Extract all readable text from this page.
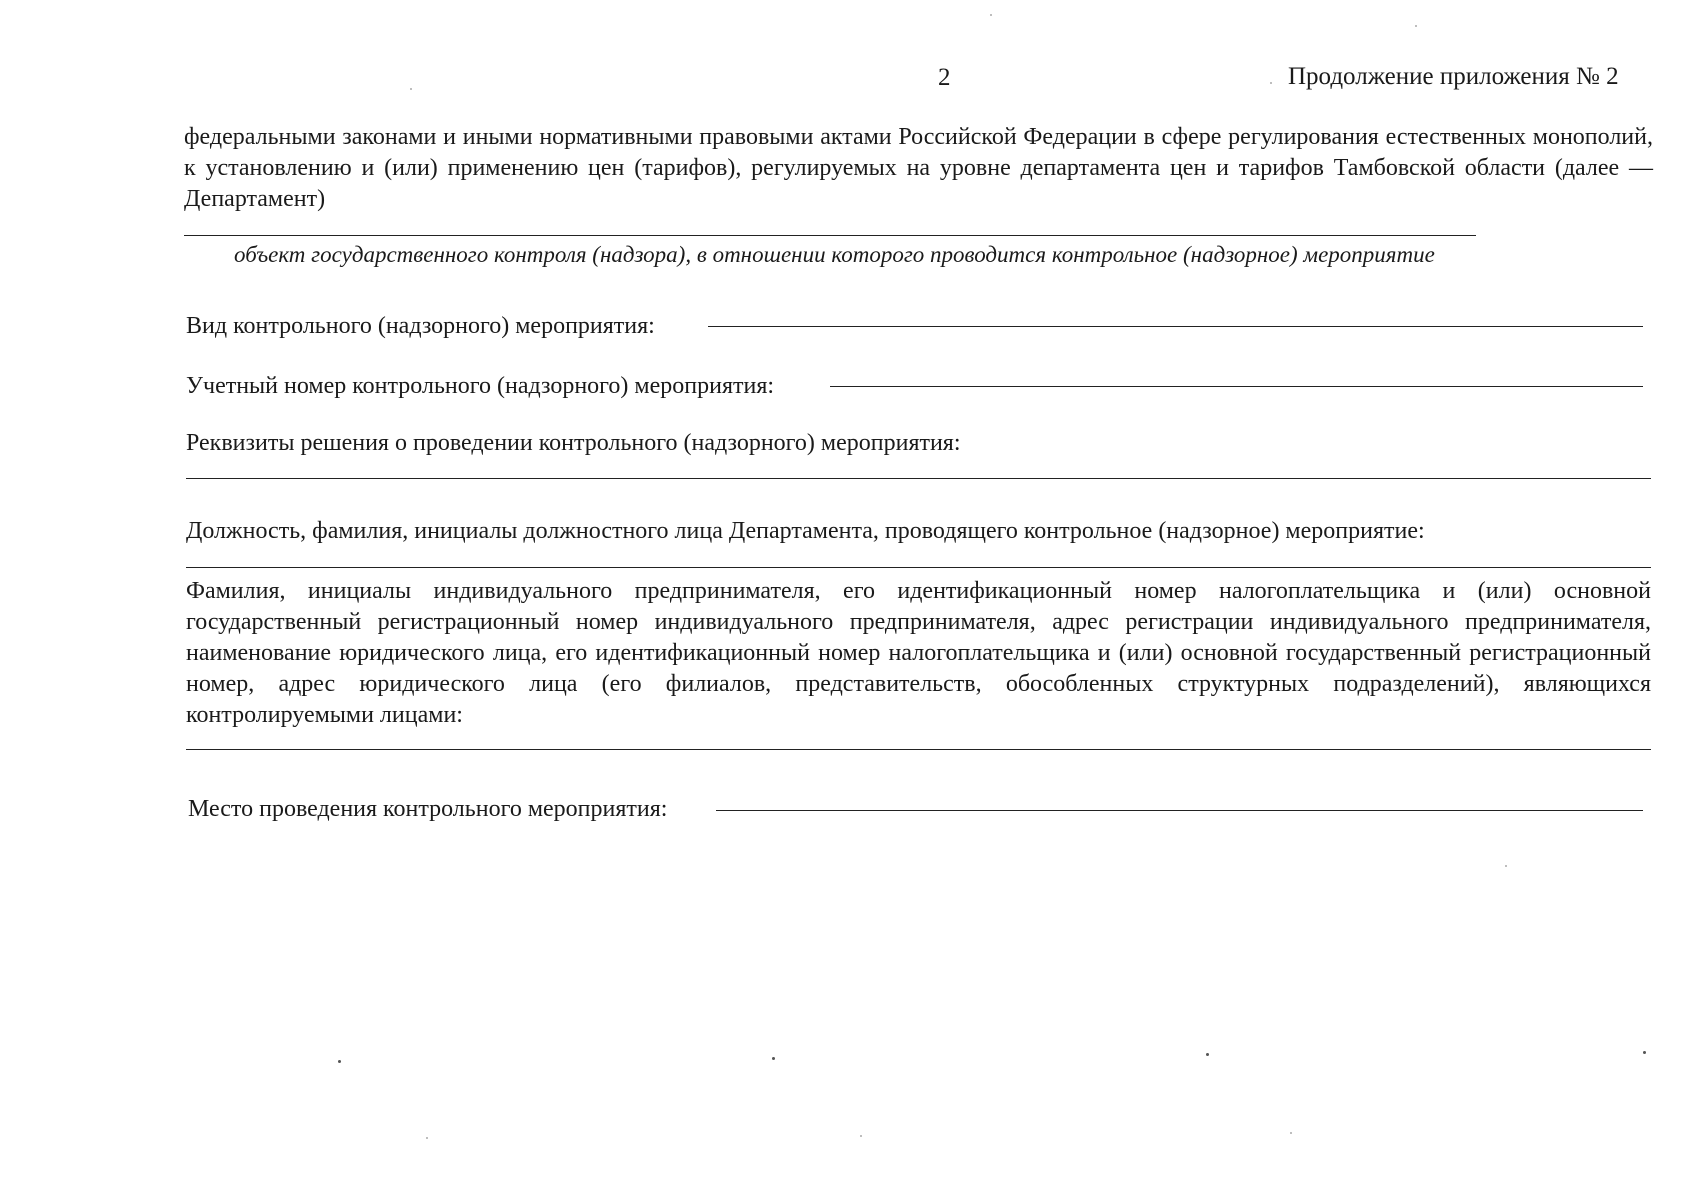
2	Продолжение приложения № 2
федеральными законами и иными нормативными правовыми актами Российской Федерации в сфере регулирования естественных монополий, к установлению и (или) применению цен (тарифов), регулируемых на уровне департамента цен и тарифов Тамбовской области (далее — Департамент)
объект государственного контроля (надзора), в отношении которого проводится контрольное (надзорное) мероприятие
Вид контрольного (надзорного) мероприятия:
Учетный номер контрольного (надзорного) мероприятия:
Реквизиты решения о проведении контрольного (надзорного) мероприятия:
Должность, фамилия, инициалы должностного лица Департамента, проводящего контрольное (надзорное) мероприятие:
Фамилия, инициалы индивидуального предпринимателя, его идентификационный номер налогоплательщика и (или) основной государственный регистрационный номер индивидуального предпринимателя, адрес регистрации индивидуального предпринимателя, наименование юридического лица, его идентификационный номер налогоплательщика и (или) основной государственный регистрационный номер, адрес юридического лица (его филиалов, представительств, обособленных структурных подразделений), являющихся контролируемыми лицами:
Место проведения контрольного мероприятия:
